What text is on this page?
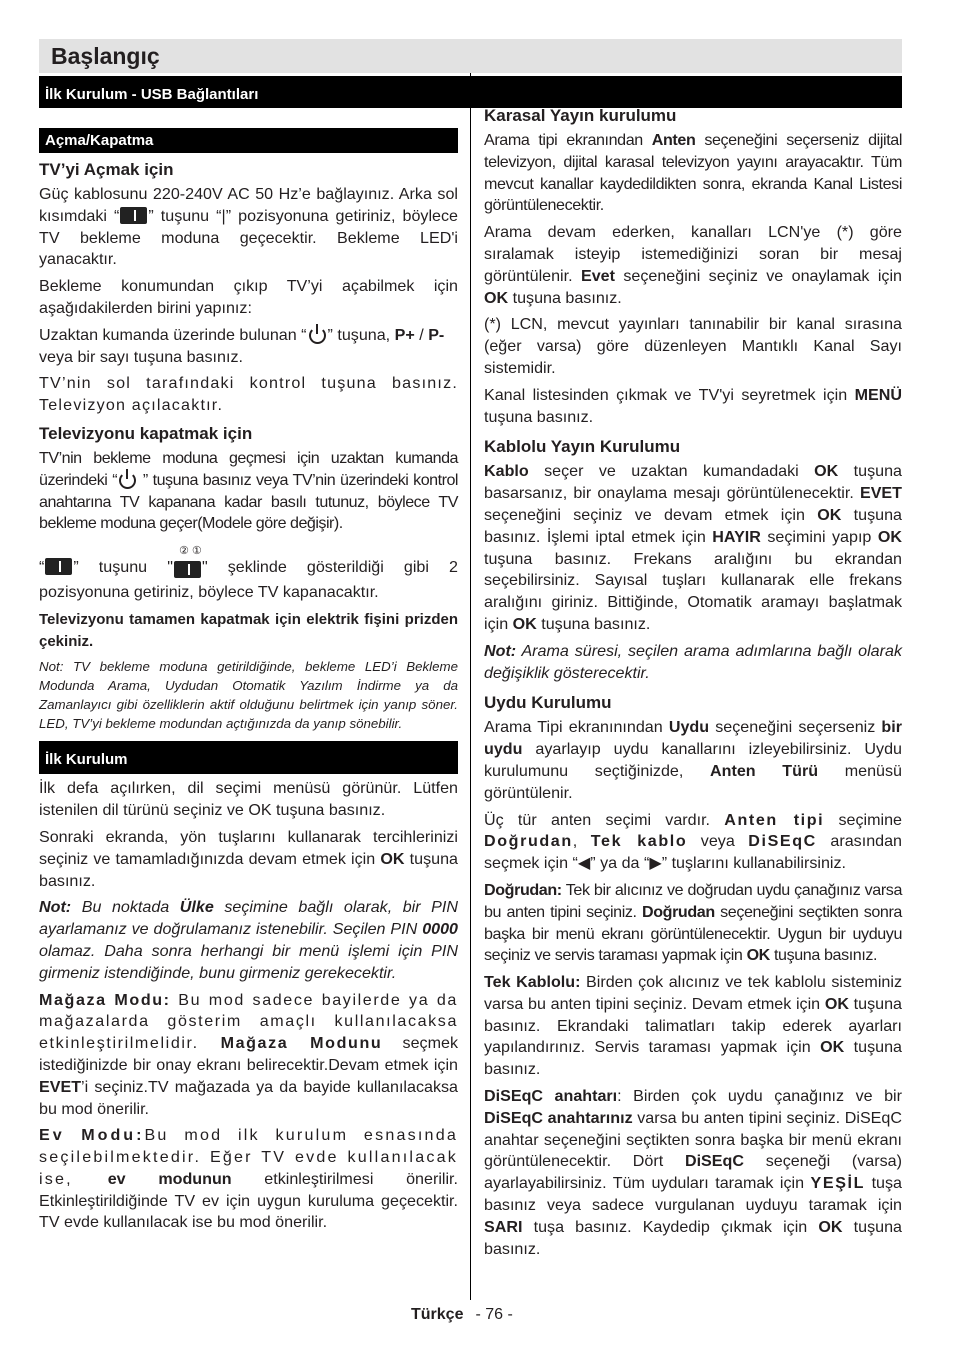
Başlangıç
İlk Kurulum - USB Bağlantıları
Açma/Kapatma
TV’yi Açmak için

Güç kablosunu 220-240V AC 50 Hz’e bağlayınız. Arka sol kısımdaki “ ” tuşunu “|” pozisyonuna getiriniz, böylece TV bekleme moduna geçecektir. Bekleme LED'i yanacaktır.

Bekleme konumundan çıkıp TV’yi açabilmek için aşağıdakilerden birini yapınız:

Uzaktan kumanda üzerinde bulunan “ ” tuşuna, P+ / P- veya bir sayı tuşuna basınız.

TV’nin sol tarafındaki kontrol tuşuna basınız. Televizyon açılacaktır.

Televizyonu kapatmak için

TV’nin bekleme moduna geçmesi için uzaktan kumanda üzerindeki “ ” tuşuna basınız veya TV’nin üzerindeki kontrol anahtarına TV kapanana kadar basılı tutunuz, böylece TV bekleme moduna geçer(Modele göre değişir).

“ ” tuşunu "
② ①
" şeklinde gösterildiği gibi 2 pozisyonuna getiriniz, böylece TV kapanacaktır.

Televizyonu tamamen kapatmak için elektrik fişini prizden çekiniz.

Not: TV bekleme moduna getirildiğinde, bekleme LED’i Bekleme Modunda Arama, Uydudan Otomatik Yazılım İndirme ya da Zamanlayıcı gibi özelliklerin aktif olduğunu belirtmek için yanıp söner. LED, TV’yi bekleme modundan açtığınızda da yanıp sönebilir.

İlk Kurulum

İlk defa açılırken, dil seçimi menüsü görünür. Lütfen istenilen dil türünü seçiniz ve OK tuşuna basınız.

Sonraki ekranda, yön tuşlarını kullanarak tercihlerinizi seçiniz ve tamamladığınızda devam etmek için OK tuşuna basınız.

Not: Bu noktada Ülke seçimine bağlı olarak, bir PIN ayarlamanız ve doğrulamanız istenebilir. Seçilen PIN 0000 olamaz. Daha sonra herhangi bir menü işlemi için PIN girmeniz istendiğinde, bunu girmeniz gerekecektir.

Mağaza Modu: Bu mod sadece bayilerde ya da mağazalarda gösterim amaçlı kullanılacaksa etkinleştirilmelidir. Mağaza Modunu seçmek istediğinizde bir onay ekranı belirecektir.Devam etmek için EVET’i seçiniz.TV mağazada ya da bayide kullanılacaksa bu mod önerilir.

Ev Modu:Bu mod ilk kurulum esnasında seçilebilmektedir. Eğer TV evde kullanılacak ise, ev modunun etkinleştirilmesi önerilir. Etkinleştirildiğinde TV ev için uygun kuruluma geçecektir. TV evde kullanılacak ise bu mod önerilir.

Karasal Yayın kurulumu

Arama tipi ekranından Anten seçeneğini seçerseniz dijital televizyon, dijital karasal televizyon yayını arayacaktır. Tüm mevcut kanallar kaydedildikten sonra, ekranda Kanal Listesi görüntülenecektir.

Arama devam ederken, kanalları LCN'ye (*) göre sıralamak isteyip istemediğinizi soran bir mesaj görüntülenir. Evet seçeneğini seçiniz ve onaylamak için OK tuşuna basınız.

(*) LCN, mevcut yayınları tanınabilir bir kanal sırasına (eğer varsa) göre düzenleyen Mantıklı Kanal Sayı sistemidir.

Kanal listesinden çıkmak ve TV'yi seyretmek için MENÜ tuşuna basınız.

Kablolu Yayın Kurulumu

Kablo seçer ve uzaktan kumandadaki OK tuşuna basarsanız, bir onaylama mesajı görüntülenecektir. EVET seçeneğini seçiniz ve devam etmek için OK tuşuna basınız. İşlemi iptal etmek için HAYIR seçimini yapıp OK tuşuna basınız. Frekans aralığını bu ekrandan seçebilirsiniz. Sayısal tuşları kullanarak elle frekans aralığını giriniz. Bittiğinde, Otomatik aramayı başlatmak için OK tuşuna basınız.

Not: Arama süresi, seçilen arama adımlarına bağlı olarak değişiklik gösterecektir.

Uydu Kurulumu

Arama Tipi ekranınından Uydu seçeneğini seçerseniz bir uydu ayarlayıp uydu kanallarını izleyebilirsiniz. Uydu kurulumunu seçtiğinizde, Anten Türü menüsü görüntülenir.

Üç tür anten seçimi vardır. Anten tipi seçimine Doğrudan, Tek kablo veya DiSEqC arasından seçmek için “◀” ya da “▶” tuşlarını kullanabilirsiniz.

Doğrudan: Tek bir alıcınız ve doğrudan uydu çanağınız varsa bu anten tipini seçiniz. Doğrudan seçeneğini seçtikten sonra başka bir menü ekranı görüntülenecektir. Uygun bir uyduyu seçiniz ve servis taraması yapmak için OK tuşuna basınız.

Tek Kablolu: Birden çok alıcınız ve tek kablolu sisteminiz varsa bu anten tipini seçiniz. Devam etmek için OK tuşuna basınız. Ekrandaki talimatları takip ederek ayarları yapılandırınız. Servis taraması yapmak için OK tuşuna basınız.

DiSEqC anahtarı: Birden çok uydu çanağınız ve bir DiSEqC anahtarınız varsa bu anten tipini seçiniz. DiSEqC anahtar seçeneğini seçtikten sonra başka bir menü ekranı görüntülenecektir. Dört DiSEqC seçeneği (varsa) ayarlayabilirsiniz. Tüm uyduları taramak için YEŞİL tuşa basınız veya sadece vurgulanan uyduyu taramak için SARI tuşa basınız. Kaydedip çıkmak için OK tuşuna basınız.

Türkçe - 76 -
